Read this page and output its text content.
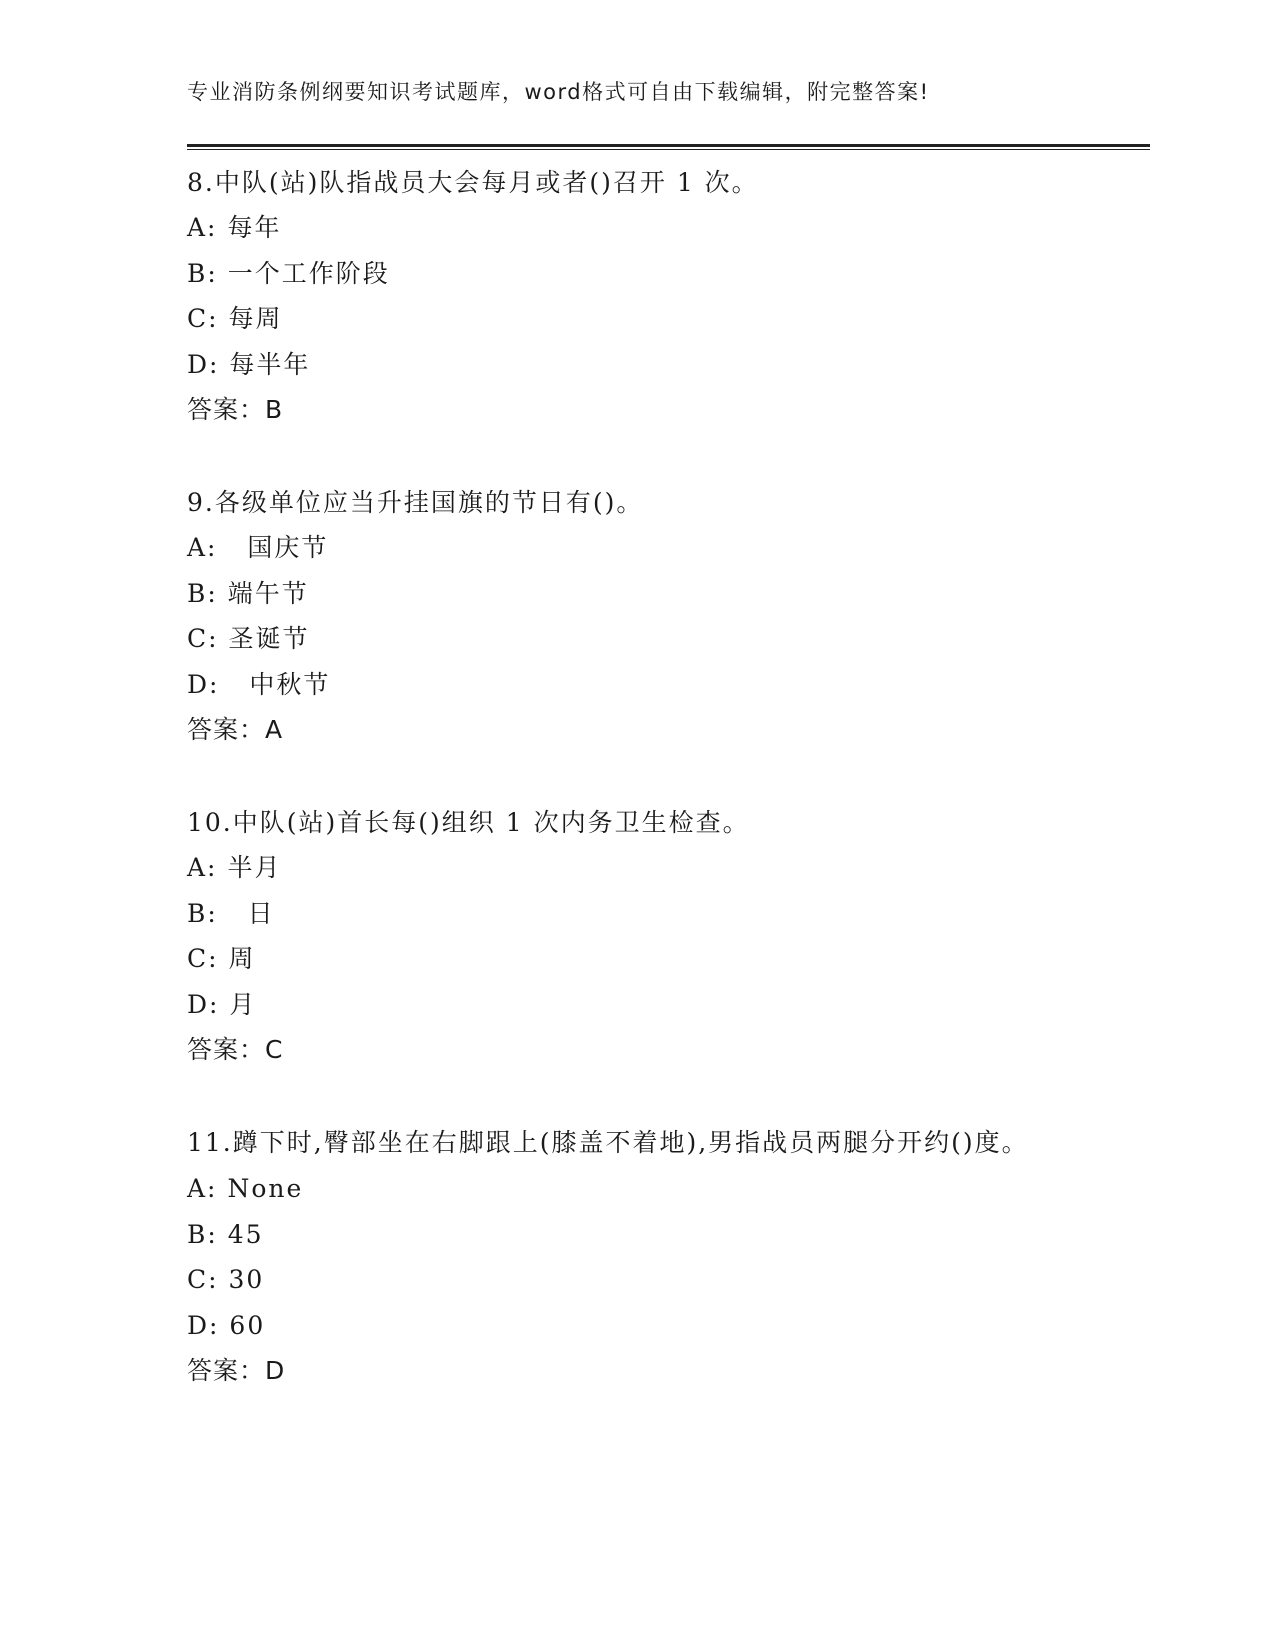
专业消防条例纲要知识考试题库，word格式可自由下载编辑，附完整答案!
8.中队(站)队指战员大会每月或者()召开 1 次。
A: 每年
B: 一个工作阶段
C: 每周
D: 每半年
答案：B
9.各级单位应当升挂国旗的节日有()。
A:   国庆节
B: 端午节
C: 圣诞节
D:   中秋节
答案：A
10.中队(站)首长每()组织 1 次内务卫生检查。
A: 半月
B:   日
C: 周
D: 月
答案：C
11.蹲下时,臀部坐在右脚跟上(膝盖不着地),男指战员两腿分开约()度。
A: None
B: 45
C: 30
D: 60
答案：D
